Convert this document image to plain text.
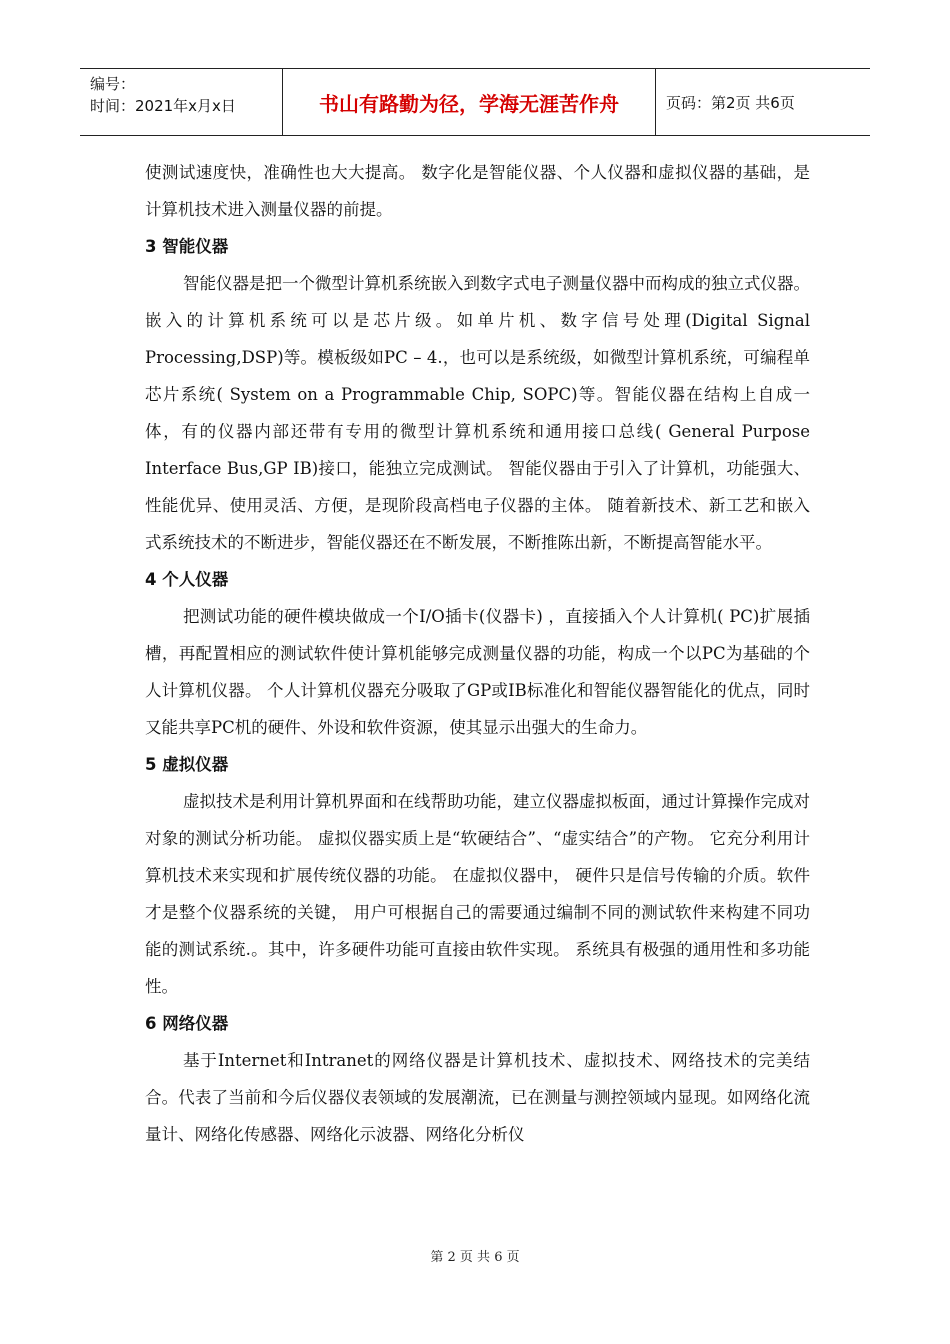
编号：
时间：2021年x月x日	书山有路勤为径，学海无涯苦作舟	页码：第2页 共6页

使测试速度快，准确性也大大提高。 数字化是智能仪器、个人仪器和虚拟仪器的基础，是计算机技术进入测量仪器的前提。

3 智能仪器

智能仪器是把一个微型计算机系统嵌入到数字式电子测量仪器中而构成的独立式仪器。 嵌入的计算机系统可以是芯片级。如单片机、数字信号处理(Digital Signal Processing,DSP)等。模板级如PC – 4.，也可以是系统级，如微型计算机系统，可编程单芯片系统( System on a Programmable Chip, SOPC)等。智能仪器在结构上自成一体，有的仪器内部还带有专用的微型计算机系统和通用接口总线( General Purpose Interface Bus,GP IB)接口，能独立完成测试。 智能仪器由于引入了计算机，功能强大、性能优异、使用灵活、方便，是现阶段高档电子仪器的主体。 随着新技术、新工艺和嵌入式系统技术的不断进步，智能仪器还在不断发展，不断推陈出新，不断提高智能水平。

4 个人仪器

把测试功能的硬件模块做成一个I/O插卡(仪器卡) ，直接插入个人计算机( PC)扩展插槽，再配置相应的测试软件使计算机能够完成测量仪器的功能，构成一个以PC为基础的个人计算机仪器。 个人计算机仪器充分吸取了GP或IB标准化和智能仪器智能化的优点，同时又能共享PC机的硬件、外设和软件资源，使其显示出强大的生命力。

5 虚拟仪器

虚拟技术是利用计算机界面和在线帮助功能，建立仪器虚拟板面，通过计算操作完成对对象的测试分析功能。 虚拟仪器实质上是“软硬结合”、“虚实结合”的产物。 它充分利用计算机技术来实现和扩展传统仪器的功能。 在虚拟仪器中， 硬件只是信号传输的介质。软件才是整个仪器系统的关键， 用户可根据自己的需要通过编制不同的测试软件来构建不同功能的测试系统.。其中，许多硬件功能可直接由软件实现。 系统具有极强的通用性和多功能性。

6 网络仪器

基于Internet和Intranet的网络仪器是计算机技术、虚拟技术、网络技术的完美结合。代表了当前和今后仪器仪表领域的发展潮流，已在测量与测控领域内显现。如网络化流量计、网络化传感器、网络化示波器、网络化分析仪

第 2 页 共 6 页
